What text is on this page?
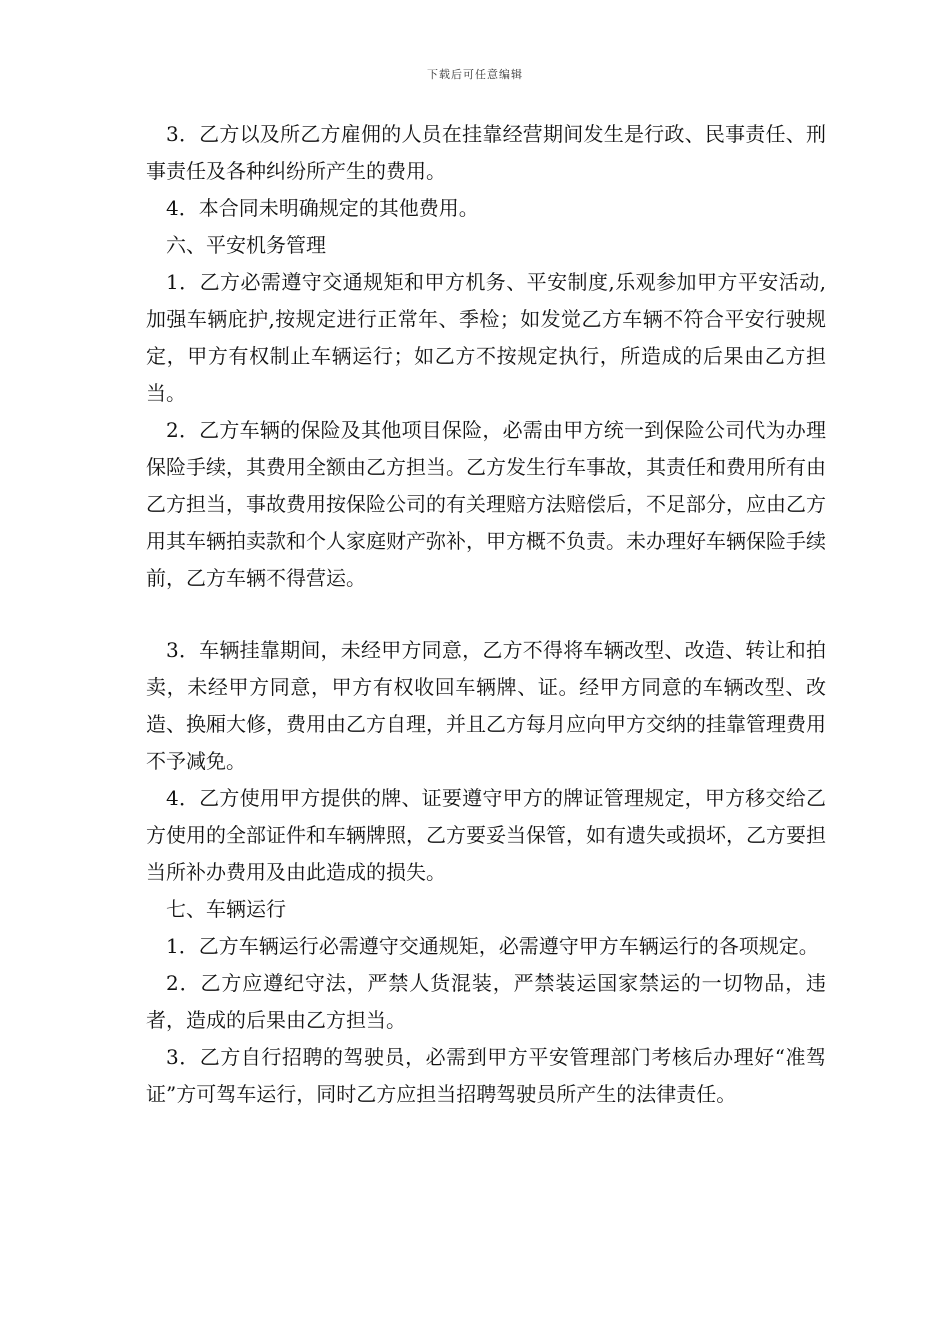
下载后可任意编辑

3．乙方以及所乙方雇佣的人员在挂靠经营期间发生是行政、民事责任、刑事责任及各种纠纷所产生的费用。

4．本合同未明确规定的其他费用。

六、平安机务管理

1．乙方必需遵守交通规矩和甲方机务、平安制度,乐观参加甲方平安活动,加强车辆庇护,按规定进行正常年、季检；如发觉乙方车辆不符合平安行驶规定，甲方有权制止车辆运行；如乙方不按规定执行，所造成的后果由乙方担当。

2．乙方车辆的保险及其他项目保险，必需由甲方统一到保险公司代为办理保险手续，其费用全额由乙方担当。乙方发生行车事故，其责任和费用所有由乙方担当，事故费用按保险公司的有关理赔方法赔偿后，不足部分，应由乙方用其车辆拍卖款和个人家庭财产弥补，甲方概不负责。未办理好车辆保险手续前，乙方车辆不得营运。

3．车辆挂靠期间，未经甲方同意，乙方不得将车辆改型、改造、转让和拍卖，未经甲方同意，甲方有权收回车辆牌、证。经甲方同意的车辆改型、改造、换厢大修，费用由乙方自理，并且乙方每月应向甲方交纳的挂靠管理费用不予减免。

4．乙方使用甲方提供的牌、证要遵守甲方的牌证管理规定，甲方移交给乙方使用的全部证件和车辆牌照，乙方要妥当保管，如有遗失或损坏，乙方要担当所补办费用及由此造成的损失。

七、车辆运行

1．乙方车辆运行必需遵守交通规矩，必需遵守甲方车辆运行的各项规定。

2．乙方应遵纪守法，严禁人货混装，严禁装运国家禁运的一切物品，违者，造成的后果由乙方担当。

3．乙方自行招聘的驾驶员，必需到甲方平安管理部门考核后办理好“准驾证”方可驾车运行，同时乙方应担当招聘驾驶员所产生的法律责任。
